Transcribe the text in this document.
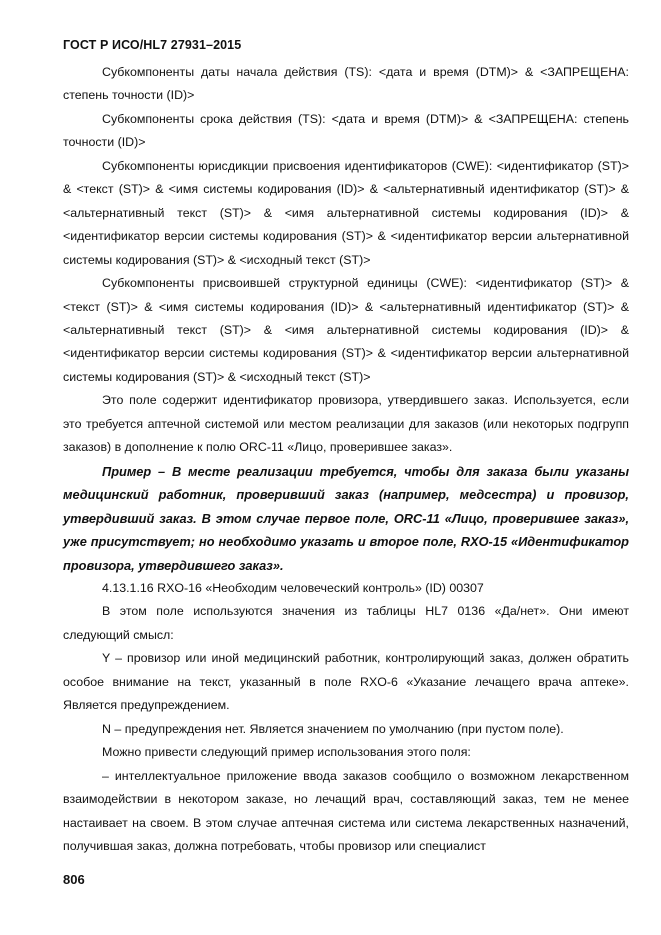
ГОСТ Р ИСО/HL7 27931–2015

Субкомпоненты даты начала действия (TS): <дата и время (DTM)> & <ЗАПРЕЩЕНА: степень точности (ID)>

Субкомпоненты срока действия (TS): <дата и время (DTM)> & <ЗАПРЕЩЕНА: степень точности (ID)>

Субкомпоненты юрисдикции присвоения идентификаторов (CWE): <идентификатор (ST)> & <текст (ST)> & <имя системы кодирования (ID)> & <альтернативный идентификатор (ST)> & <альтернативный текст (ST)> & <имя альтернативной системы кодирования (ID)> & <идентификатор версии системы кодирования (ST)> & <идентификатор версии альтернативной системы кодирования (ST)> & <исходный текст (ST)>

Субкомпоненты присвоившей структурной единицы (CWE): <идентификатор (ST)> & <текст (ST)> & <имя системы кодирования (ID)> & <альтернативный идентификатор (ST)> & <альтернативный текст (ST)> & <имя альтернативной системы кодирования (ID)> & <идентификатор версии системы кодирования (ST)> & <идентификатор версии альтернативной системы кодирования (ST)> & <исходный текст (ST)>

Это поле содержит идентификатор провизора, утвердившего заказ. Используется, если это требуется аптечной системой или местом реализации для заказов (или некоторых подгрупп заказов) в дополнение к полю ORC-11 «Лицо, проверившее заказ».

Пример – В месте реализации требуется, чтобы для заказа были указаны медицинский работник, проверивший заказ (например, медсестра) и провизор, утвердивший заказ. В этом случае первое поле, ORC-11 «Лицо, проверившее заказ», уже присутствует; но необходимо указать и второе поле, RXO-15 «Идентификатор провизора, утвердившего заказ».

4.13.1.16 RXO-16 «Необходим человеческий контроль» (ID) 00307

В этом поле используются значения из таблицы HL7 0136 «Да/нет». Они имеют следующий смысл:

Y – провизор или иной медицинский работник, контролирующий заказ, должен обратить особое внимание на текст, указанный в поле RXO-6 «Указание лечащего врача аптеке». Является предупреждением.

N – предупреждения нет. Является значением по умолчанию (при пустом поле).

Можно привести следующий пример использования этого поля:

– интеллектуальное приложение ввода заказов сообщило о возможном лекарственном взаимодействии в некотором заказе, но лечащий врач, составляющий заказ, тем не менее настаивает на своем. В этом случае аптечная система или система лекарственных назначений, получившая заказ, должна потребовать, чтобы провизор или специалист

806
